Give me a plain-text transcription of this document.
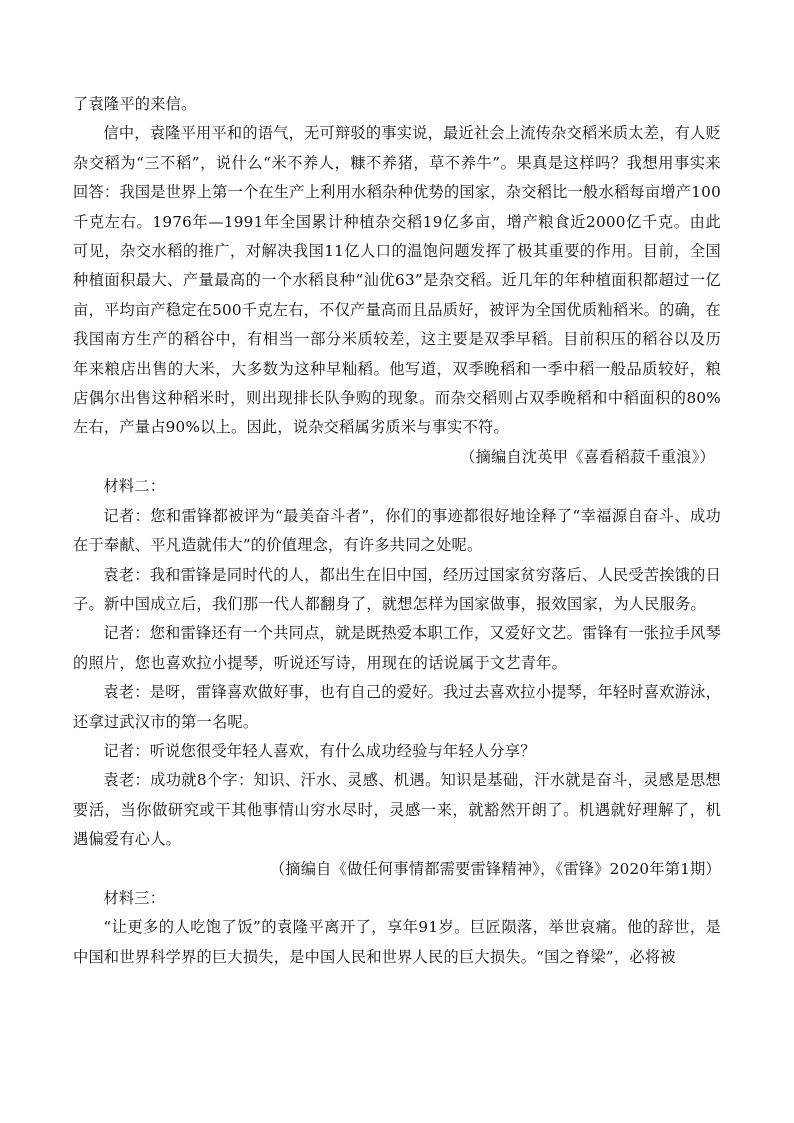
了袁隆平的来信。

信中，袁隆平用平和的语气，无可辩驳的事实说，最近社会上流传杂交稻米质太差，有人贬杂交稻为“三不稻”，说什么“米不养人，糠不养猪，草不养牛”。果真是这样吗？我想用事实来回答：我国是世界上第一个在生产上利用水稻杂种优势的国家，杂交稻比一般水稻每亩增产100千克左右。1976年—1991年全国累计种植杂交稻19亿多亩，增产粮食近2000亿千克。由此可见，杂交水稻的推广，对解决我国11亿人口的温饱问题发挥了极其重要的作用。目前，全国种植面积最大、产量最高的一个水稻良种“汕优63”是杂交稻。近几年的年种植面积都超过一亿亩，平均亩产稳定在500千克左右，不仅产量高而且品质好，被评为全国优质籼稻米。的确，在我国南方生产的稻谷中，有相当一部分米质较差，这主要是双季早稻。目前积压的稻谷以及历年来粮店出售的大米，大多数为这种早籼稻。他写道，双季晚稻和一季中稻一般品质较好，粮店偶尔出售这种稻米时，则出现排长队争购的现象。而杂交稻则占双季晚稻和中稻面积的80%左右，产量占90%以上。因此，说杂交稻属劣质米与事实不符。

（摘编自沈英甲《喜看稻菽千重浪》）

材料二：

记者：您和雷锋都被评为“最美奋斗者”，你们的事迹都很好地诠释了“幸福源自奋斗、成功在于奉献、平凡造就伟大”的价值理念，有许多共同之处呢。

袁老：我和雷锋是同时代的人，都出生在旧中国，经历过国家贫穷落后、人民受苦挨饿的日子。新中国成立后，我们那一代人都翻身了，就想怎样为国家做事，报效国家，为人民服务。

记者：您和雷锋还有一个共同点，就是既热爱本职工作，又爱好文艺。雷锋有一张拉手风琴的照片，您也喜欢拉小提琴，听说还写诗，用现在的话说属于文艺青年。

袁老：是呀，雷锋喜欢做好事，也有自己的爱好。我过去喜欢拉小提琴，年轻时喜欢游泳，还拿过武汉市的第一名呢。

记者：听说您很受年轻人喜欢，有什么成功经验与年轻人分享？

袁老：成功就8个字：知识、汗水、灵感、机遇。知识是基础，汗水就是奋斗，灵感是思想要活，当你做研究或干其他事情山穷水尽时，灵感一来，就豁然开朗了。机遇就好理解了，机遇偏爱有心人。

（摘编自《做任何事情都需要雷锋精神》，《雷锋》2020年第1期）

材料三：

“让更多的人吃饱了饭”的袁隆平离开了，享年91岁。巨匠陨落，举世哀痛。他的辞世，是中国和世界科学界的巨大损失，是中国人民和世界人民的巨大损失。“国之脊梁”，必将被
